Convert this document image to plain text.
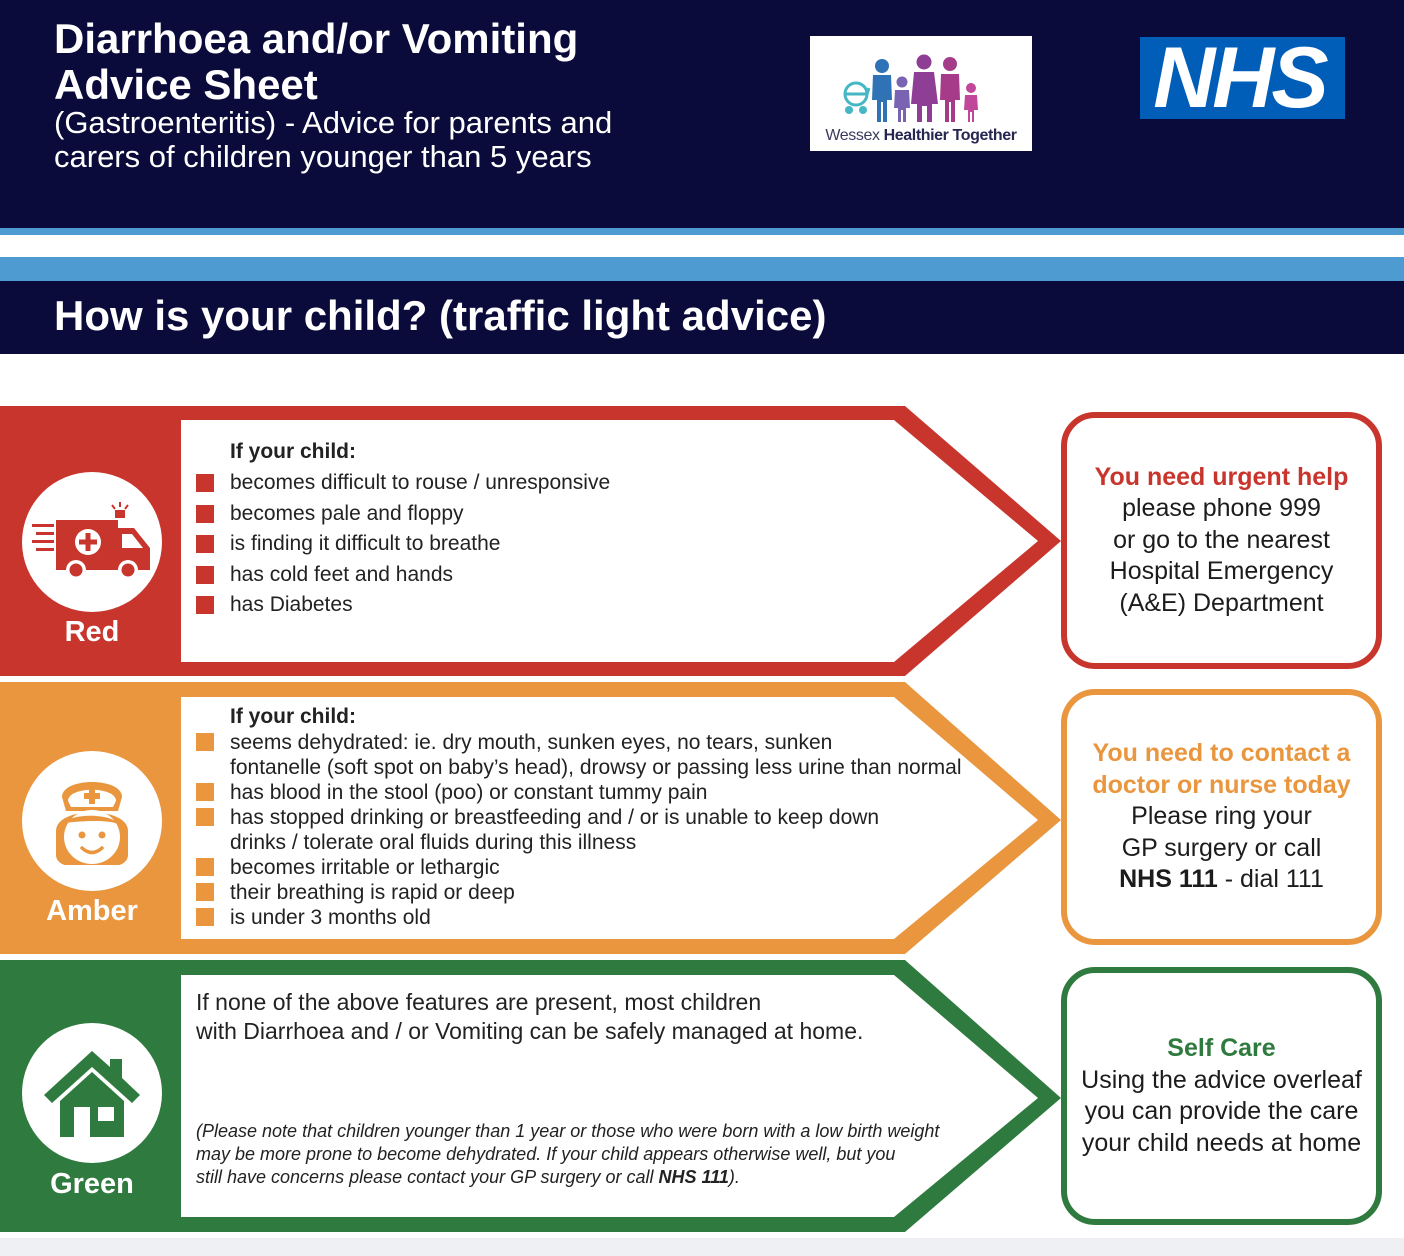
Diarrhoea and/or Vomiting Advice Sheet
(Gastroenteritis) - Advice for parents and carers of children younger than 5 years
Wessex Healthier Together
NHS
How is your child? (traffic light advice)
Red
Amber
Green
If your child:
becomes difficult to rouse / unresponsive
becomes pale and floppy
is finding it difficult to breathe
has cold feet and hands
has Diabetes
If your child:
seems dehydrated: ie. dry mouth, sunken eyes, no tears, sunken
fontanelle (soft spot on baby’s head), drowsy or passing less urine than normal
has blood in the stool (poo) or constant tummy pain
has stopped drinking or breastfeeding and / or is unable to keep down
drinks / tolerate oral fluids during this illness
becomes irritable or lethargic
their breathing is rapid or deep
is under 3 months old
If none of the above features are present, most children
with Diarrhoea and / or Vomiting can be safely managed at home.
(Please note that children younger than 1 year or those who were born with a low birth weight
may be more prone to become dehydrated. If your child appears otherwise well, but you
still have concerns please contact your GP surgery or call NHS 111).
You need urgent help
please phone 999
or go to the nearest
Hospital Emergency
(A&E) Department
You need to contact a
doctor or nurse today
Please ring your
GP surgery or call
NHS 111 - dial 111
Self Care
Using the advice overleaf
you can provide the care
your child needs at home
